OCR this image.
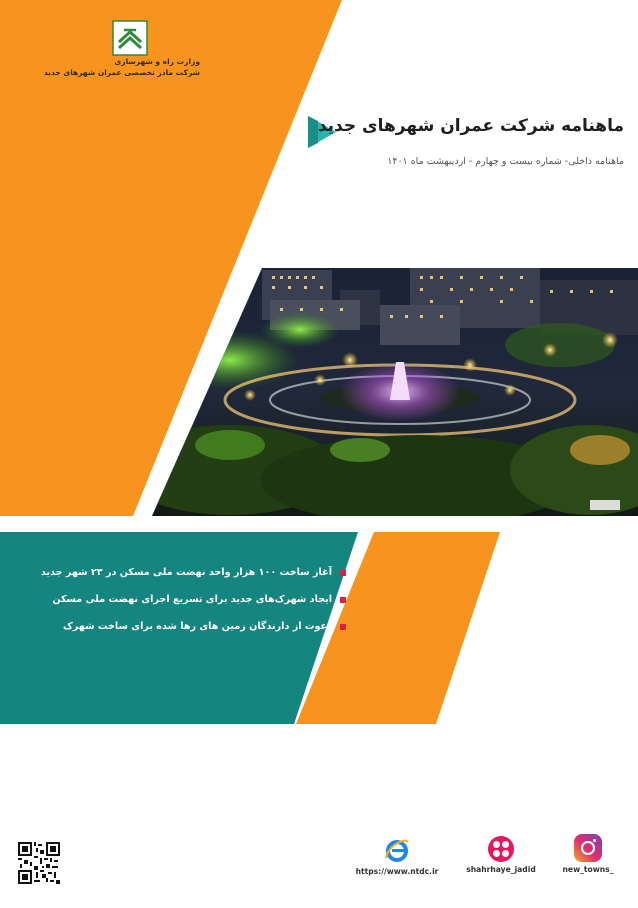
وزارت راه و شهرسازی
شرکت مادر تخصصی عمران شهرهای جدید
ماهنامه شرکت عمران شهرهای جدید
ماهنامه داخلی- شماره بیست و چهارم - اردیبهشت ماه ۱۴۰۱
آغاز ساخت ۱۰۰ هزار واحد نهضت ملی مسکن در ۲۳ شهر جدید
ایجاد شهرک‌های جدید برای تسریع اجرای نهضت ملی مسکن
دعوت از دارندگان زمین های رها شده برای ساخت شهرک
https://www.ntdc.ir	shahrhaye_jadid	new_towns_
